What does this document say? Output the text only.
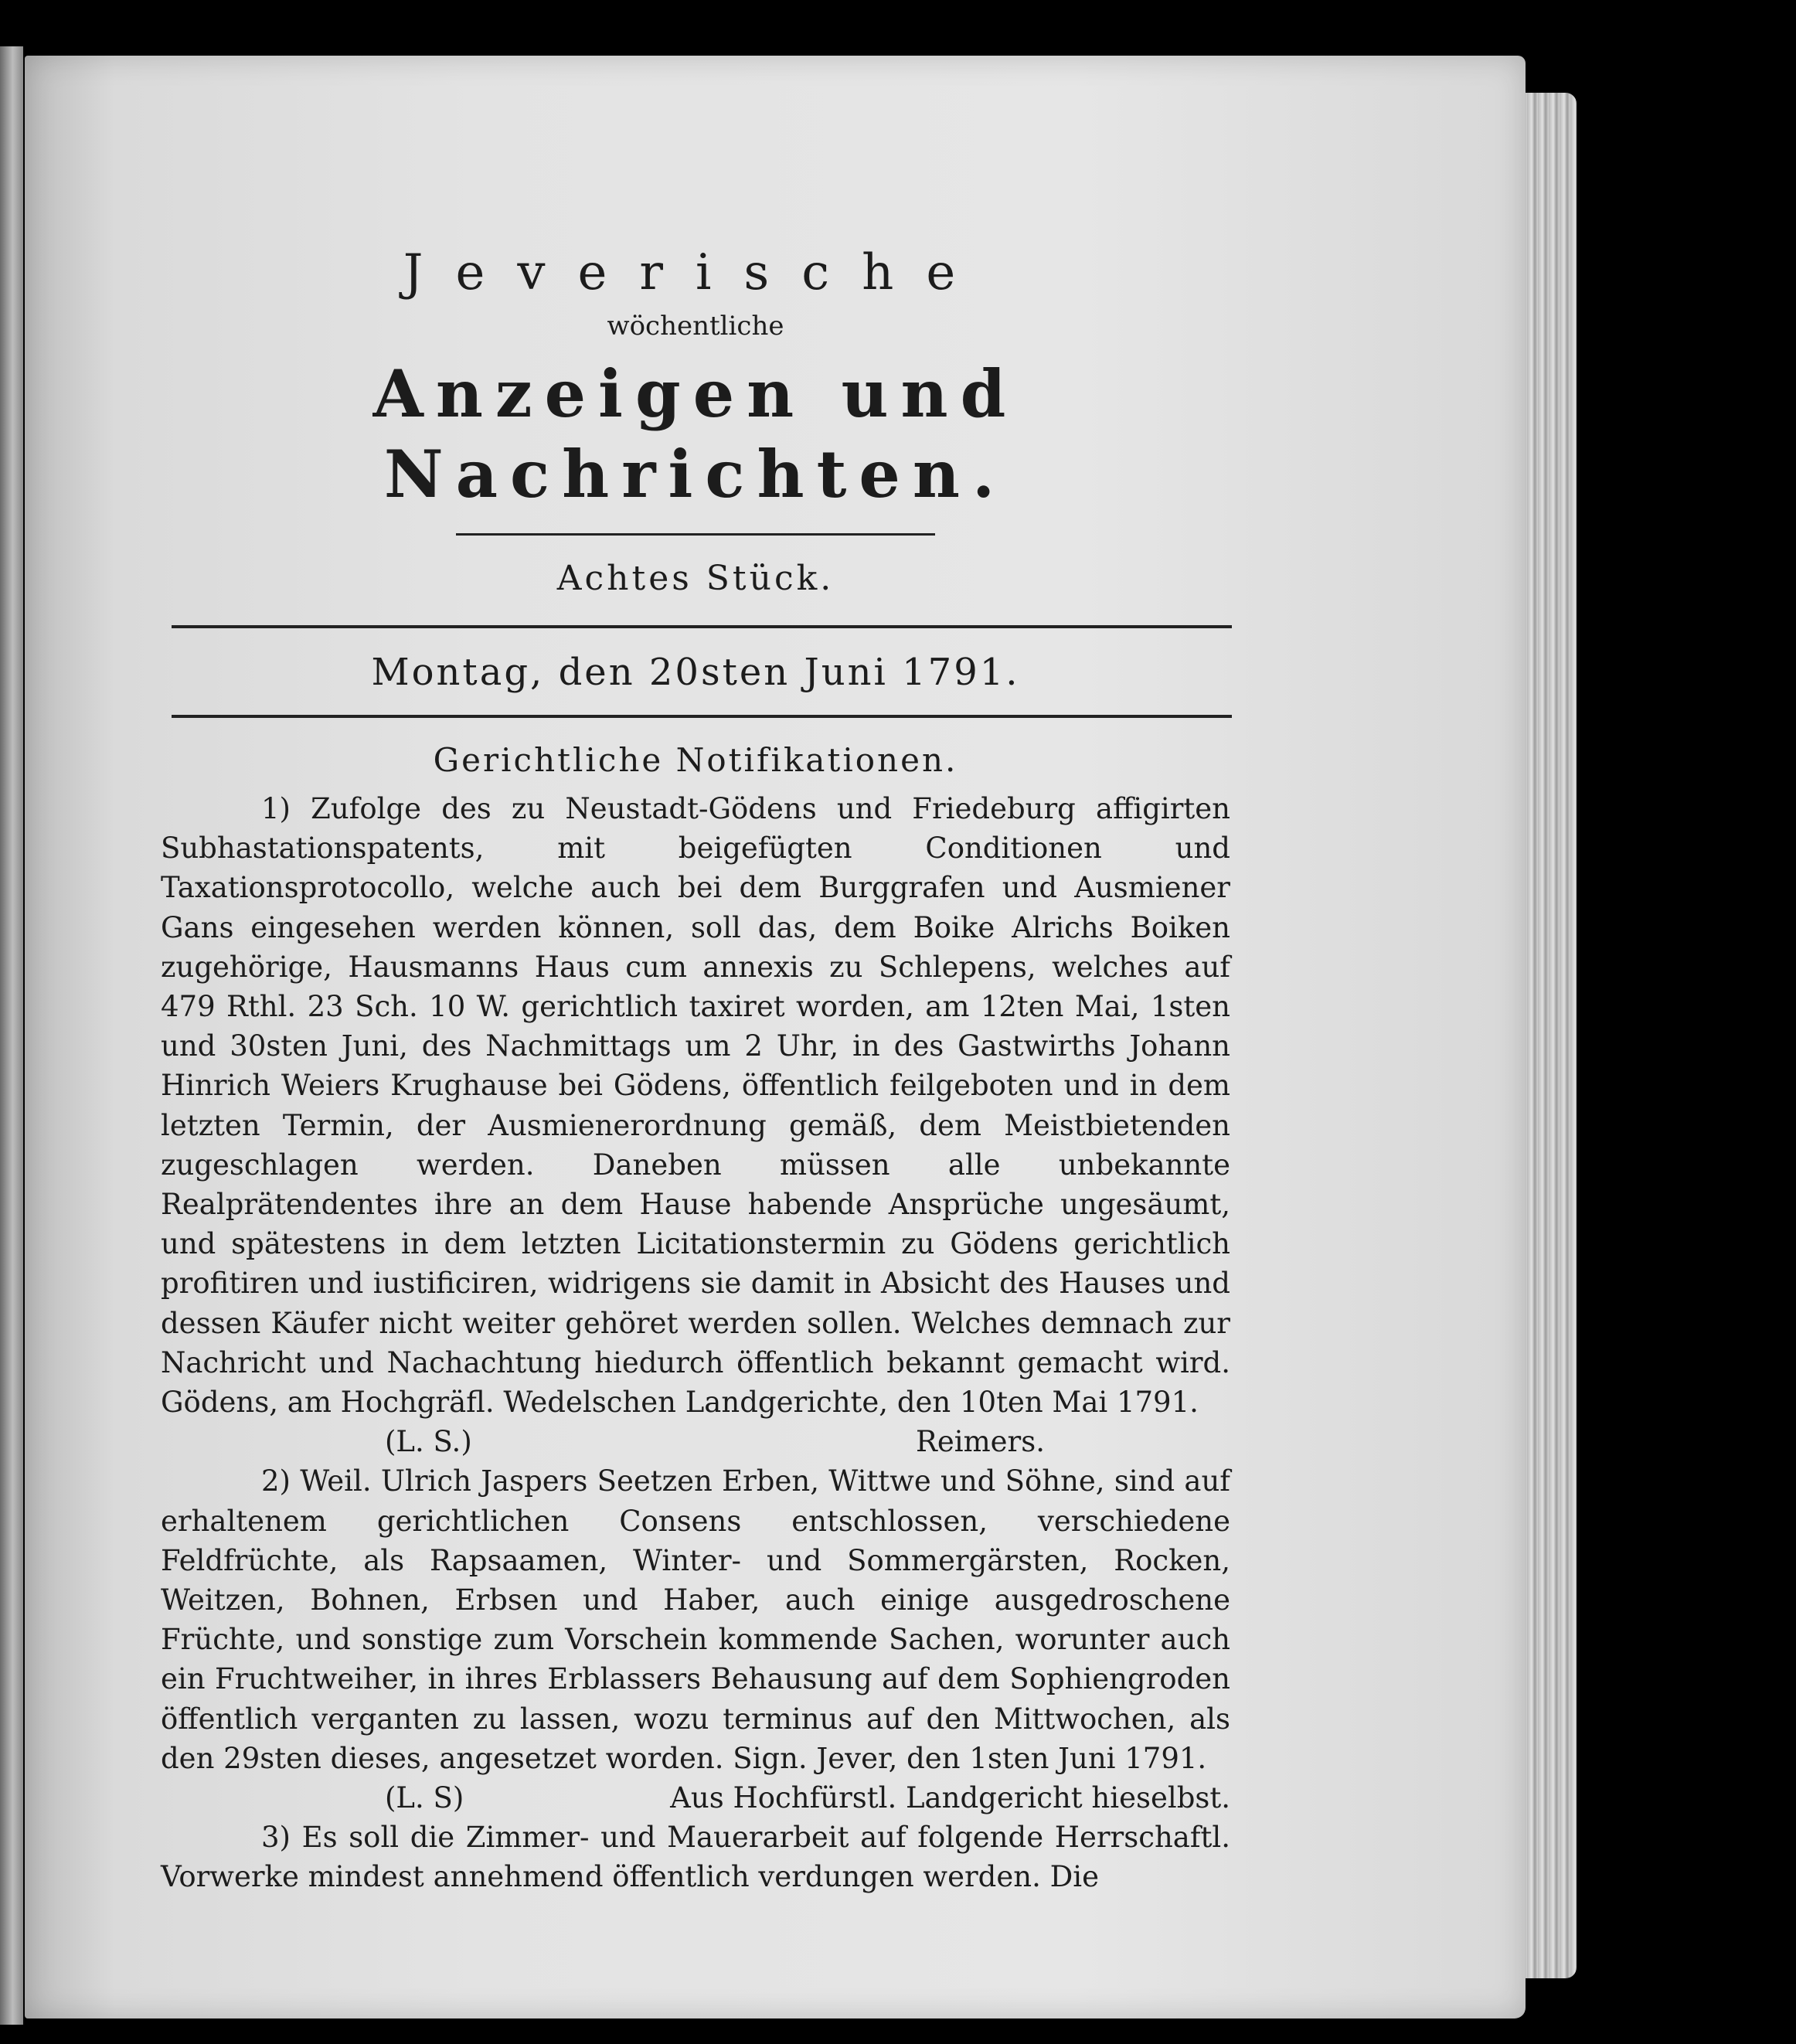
Jeverische
wöchentliche
Anzeigen und Nachrichten.
Achtes Stück.
Montag, den 20sten Juni 1791.
Gerichtliche Notifikationen.

1) Zufolge des zu Neustadt-Gödens und Friedeburg affigirten Subhastationspatents, mit beigefügten Conditionen und Taxationsprotocollo, welche auch bei dem Burggrafen und Ausmiener Gans eingesehen werden können, soll das, dem Boike Alrichs Boiken zugehörige, Hausmanns Haus cum annexis zu Schlepens, welches auf 479 Rthl. 23 Sch. 10 W. gerichtlich taxiret worden, am 12ten Mai, 1sten und 30sten Juni, des Nachmittags um 2 Uhr, in des Gastwirths Johann Hinrich Weiers Krughause bei Gödens, öffentlich feilgeboten und in dem letzten Termin, der Ausmienerordnung gemäß, dem Meistbietenden zugeschlagen werden. Daneben müssen alle unbekannte Realprätendentes ihre an dem Hause habende Ansprüche ungesäumt, und spätestens in dem letzten Licitationstermin zu Gödens gerichtlich profitiren und iustificiren, widrigens sie damit in Absicht des Hauses und dessen Käufer nicht weiter gehöret werden sollen. Welches demnach zur Nachricht und Nachachtung hiedurch öffentlich bekannt gemacht wird. Gödens, am Hochgräfl. Wedelschen Landgerichte, den 10ten Mai 1791.

(L. S.)	Reimers.

2) Weil. Ulrich Jaspers Seetzen Erben, Wittwe und Söhne, sind auf erhaltenem gerichtlichen Consens entschlossen, verschiedene Feldfrüchte, als Rapsaamen, Winter- und Sommergärsten, Rocken, Weitzen, Bohnen, Erbsen und Haber, auch einige ausgedroschene Früchte, und sonstige zum Vorschein kommende Sachen, worunter auch ein Fruchtweiher, in ihres Erblassers Behausung auf dem Sophiengroden öffentlich verganten zu lassen, wozu terminus auf den Mittwochen, als den 29sten dieses, angesetzet worden. Sign. Jever, den 1sten Juni 1791.

(L. S)	Aus Hochfürstl. Landgericht hieselbst.

3) Es soll die Zimmer- und Mauerarbeit auf folgende Herrschaftl. Vorwerke mindest annehmend öffentlich verdungen werden. Die
